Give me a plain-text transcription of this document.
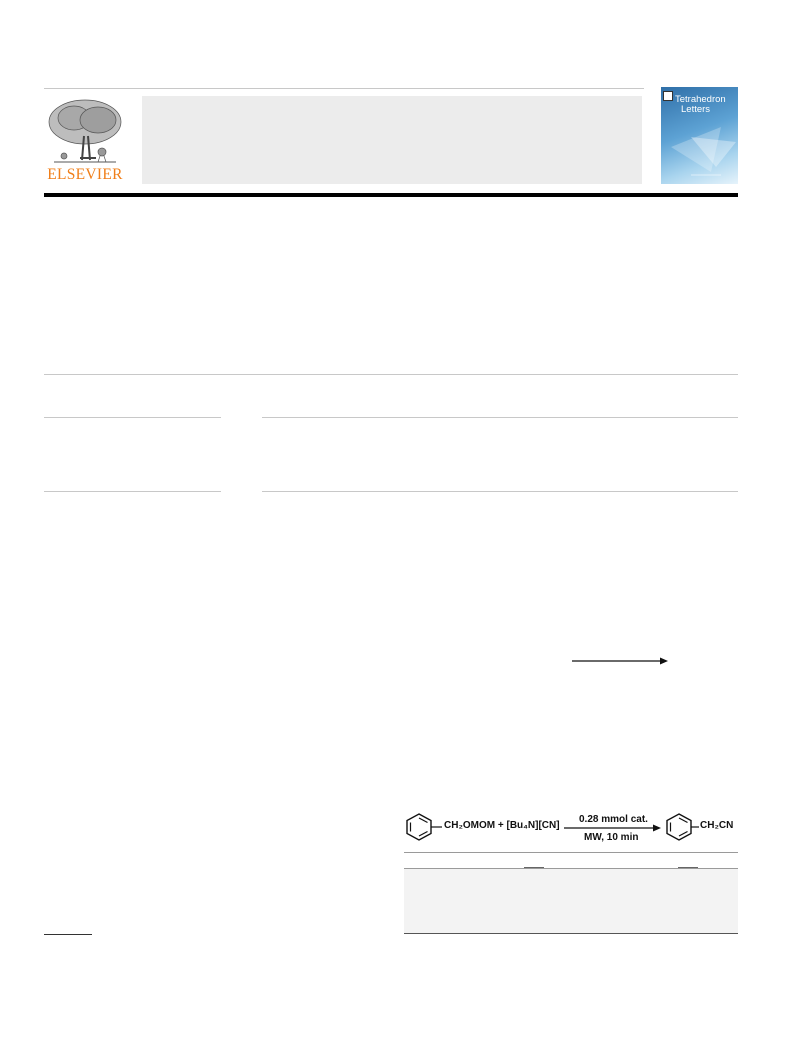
ELSEVIER
Tetrahedron
Letters
CH₂OMOM + [Bu₄N][CN]
0.28 mmol cat.
MW, 10 min
CH₂CN
